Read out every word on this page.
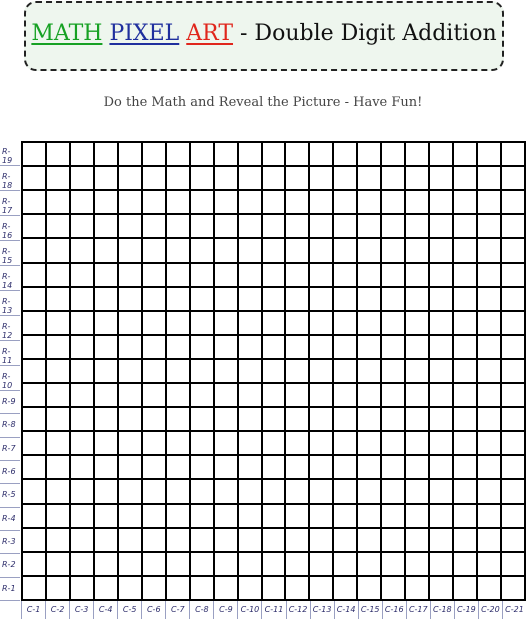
MATH PIXEL ART - Double Digit Addition
Do the Math and Reveal the Picture - Have Fun!
R-19
R-18
R-17
R-16
R-15
R-14
R-13
R-12
R-11
R-10
R-9
R-8
R-7
R-6
R-5
R-4
R-3
R-2
R-1
C-1	C-2	C-3	C-4	C-5	C-6	C-7	C-8	C-9 C-10 C-11 C-12 C-13 C-14 C-15 C-16 C-17 C-18 C-19 C-20 C-21
